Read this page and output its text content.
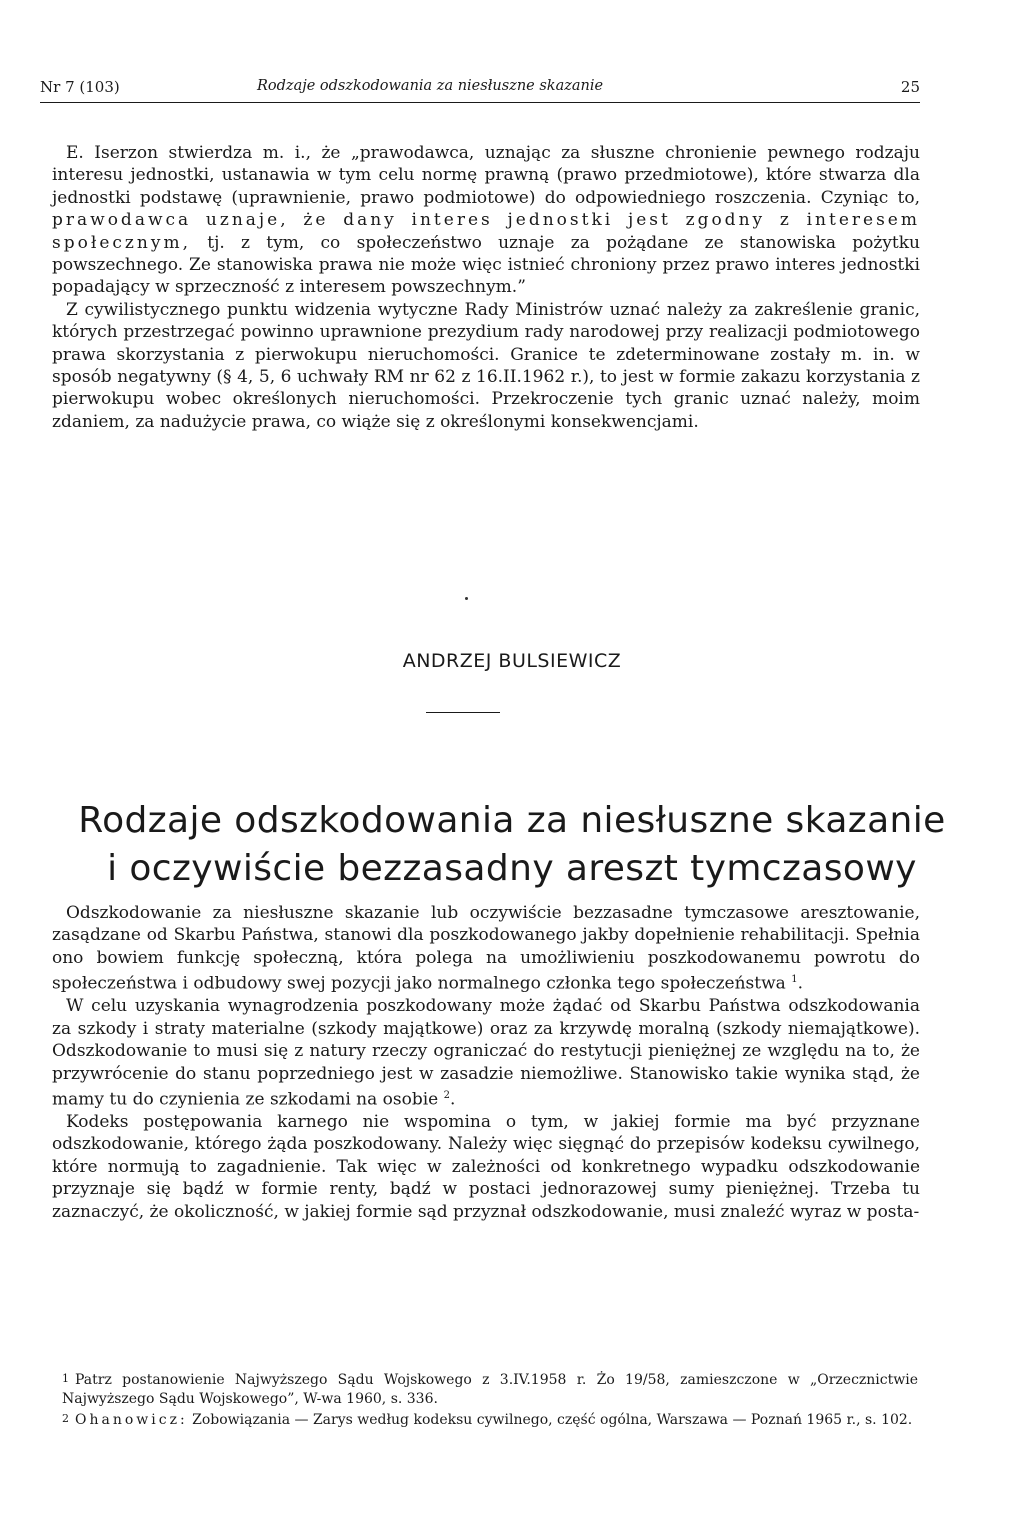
Nr 7 (103)	Rodzaje odszkodowania za niesłuszne skazanie	25

E. Iserzon stwierdza m. i., że „prawodawca, uznając za słuszne chronienie pewnego rodzaju interesu jednostki, ustanawia w tym celu normę prawną (prawo przedmiotowe), które stwarza dla jednostki podstawę (uprawnienie, prawo podmiotowe) do odpowiedniego roszczenia. Czyniąc to, prawodawca uznaje, że dany interes jednostki jest zgodny z interesem społecznym, tj. z tym, co społeczeństwo uznaje za pożądane ze stanowiska pożytku powszechnego. Ze stanowiska prawa nie może więc istnieć chroniony przez prawo interes jednostki popadający w sprzeczność z interesem powszechnym.”

Z cywilistycznego punktu widzenia wytyczne Rady Ministrów uznać należy za zakreślenie granic, których przestrzegać powinno uprawnione prezydium rady narodowej przy realizacji podmiotowego prawa skorzystania z pierwokupu nieruchomości. Granice te zdeterminowane zostały m. in. w sposób negatywny (§ 4, 5, 6 uchwały RM nr 62 z 16.II.1962 r.), to jest w formie zakazu korzystania z pierwokupu wobec określonych nieruchomości. Przekroczenie tych granic uznać należy, moim zdaniem, za nadużycie prawa, co wiąże się z określonymi konsekwencjami.

ANDRZEJ BULSIEWICZ
Rodzaje odszkodowania za niesłuszne skazanie
i oczywiście bezzasadny areszt tymczasowy

Odszkodowanie za niesłuszne skazanie lub oczywiście bezzasadne tymczasowe aresztowanie, zasądzane od Skarbu Państwa, stanowi dla poszkodowanego jakby dopełnienie rehabilitacji. Spełnia ono bowiem funkcję społeczną, która polega na umożliwieniu poszkodowanemu powrotu do społeczeństwa i odbudowy swej pozycji jako normalnego członka tego społeczeństwa $^1$.

W celu uzyskania wynagrodzenia poszkodowany może żądać od Skarbu Państwa odszkodowania za szkody i straty materialne (szkody majątkowe) oraz za krzywdę moralną (szkody niemajątkowe). Odszkodowanie to musi się z natury rzeczy ograniczać do restytucji pieniężnej ze względu na to, że przywrócenie do stanu poprzedniego jest w zasadzie niemożliwe. Stanowisko takie wynika stąd, że mamy tu do czynienia ze szkodami na osobie $^2$.

Kodeks postępowania karnego nie wspomina o tym, w jakiej formie ma być przyznane odszkodowanie, którego żąda poszkodowany. Należy więc sięgnąć do przepisów kodeksu cywilnego, które normują to zagadnienie. Tak więc w zależności od konkretnego wypadku odszkodowanie przyznaje się bądź w formie renty, bądź w postaci jednorazowej sumy pieniężnej. Trzeba tu zaznaczyć, że okoliczność, w jakiej formie sąd przyznał odszkodowanie, musi znaleźć wyraz w posta-

1 Patrz postanowienie Najwyższego Sądu Wojskowego z 3.IV.1958 r. Żo 19/58, zamieszczone w „Orzecznictwie Najwyższego Sądu Wojskowego”, W-wa 1960, s. 336.

2 Ohanowicz: Zobowiązania — Zarys według kodeksu cywilnego, część ogólna, Warszawa — Poznań 1965 r., s. 102.
